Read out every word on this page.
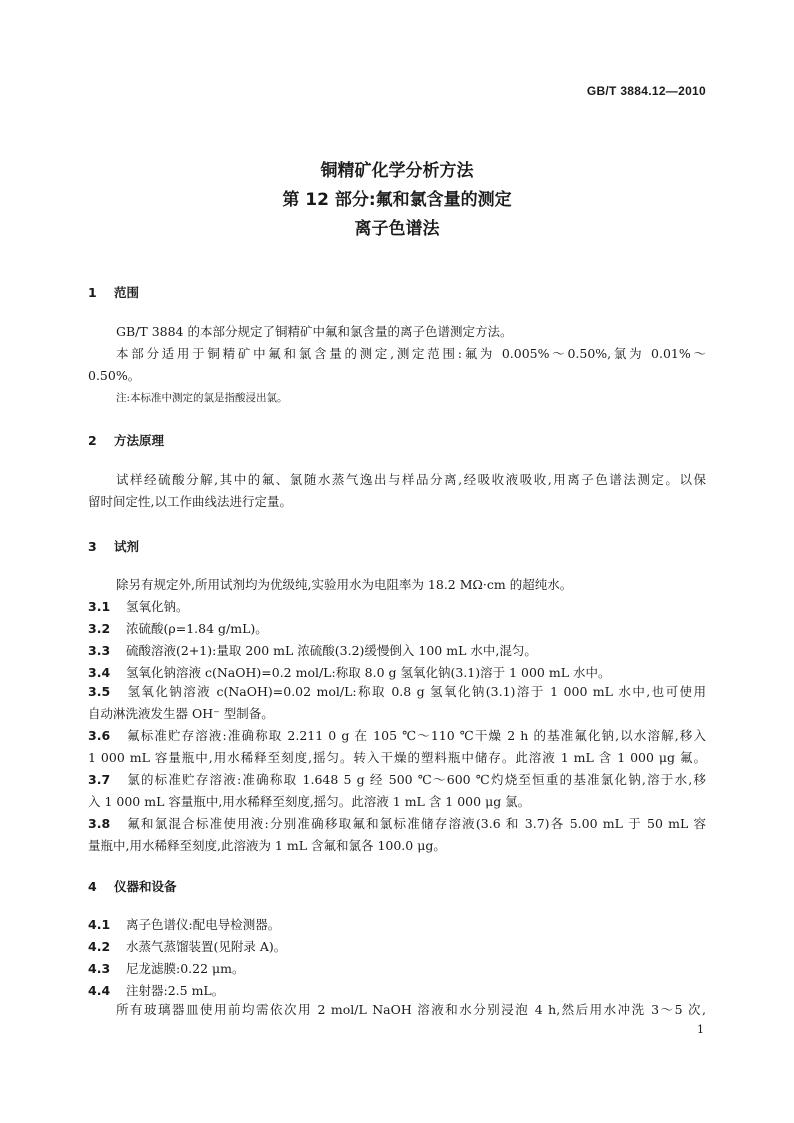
GB/T 3884.12—2010
铜精矿化学分析方法
第 12 部分:氟和氯含量的测定
离子色谱法
1 范围
GB/T 3884 的本部分规定了铜精矿中氟和氯含量的离子色谱测定方法。
本部分适用于铜精矿中氟和氯含量的测定,测定范围:氟为 0.005%～0.50%,氯为 0.01%～
0.50%。
注:本标准中测定的氯是指酸浸出氯。
2 方法原理
试样经硫酸分解,其中的氟、氯随水蒸气逸出与样品分离,经吸收液吸收,用离子色谱法测定。以保
留时间定性,以工作曲线法进行定量。
3 试剂
除另有规定外,所用试剂均为优级纯,实验用水为电阻率为 18.2 MΩ·cm 的超纯水。
3.1 氢氧化钠。
3.2 浓硫酸(ρ=1.84 g/mL)。
3.3 硫酸溶液(2+1):量取 200 mL 浓硫酸(3.2)缓慢倒入 100 mL 水中,混匀。
3.4 氢氧化钠溶液 c(NaOH)=0.2 mol/L:称取 8.0 g 氢氧化钠(3.1)溶于 1 000 mL 水中。
3.5 氢氧化钠溶液 c(NaOH)=0.02 mol/L:称取 0.8 g 氢氧化钠(3.1)溶于 1 000 mL 水中,也可使用
自动淋洗液发生器 OH⁻ 型制备。
3.6 氟标准贮存溶液:准确称取 2.211 0 g 在 105 ℃～110 ℃干燥 2 h 的基准氟化钠,以水溶解,移入
1 000 mL 容量瓶中,用水稀释至刻度,摇匀。转入干燥的塑料瓶中储存。此溶液 1 mL 含 1 000 μg 氟。
3.7 氯的标准贮存溶液:准确称取 1.648 5 g 经 500 ℃～600 ℃灼烧至恒重的基准氯化钠,溶于水,移
入 1 000 mL 容量瓶中,用水稀释至刻度,摇匀。此溶液 1 mL 含 1 000 μg 氯。
3.8 氟和氯混合标准使用液:分别准确移取氟和氯标准储存溶液(3.6 和 3.7)各 5.00 mL 于 50 mL 容
量瓶中,用水稀释至刻度,此溶液为 1 mL 含氟和氯各 100.0 μg。
4 仪器和设备
4.1 离子色谱仪:配电导检测器。
4.2 水蒸气蒸馏装置(见附录 A)。
4.3 尼龙滤膜:0.22 μm。
4.4 注射器:2.5 mL。
所有玻璃器皿使用前均需依次用 2 mol/L NaOH 溶液和水分别浸泡 4 h,然后用水冲洗 3～5 次,
1
